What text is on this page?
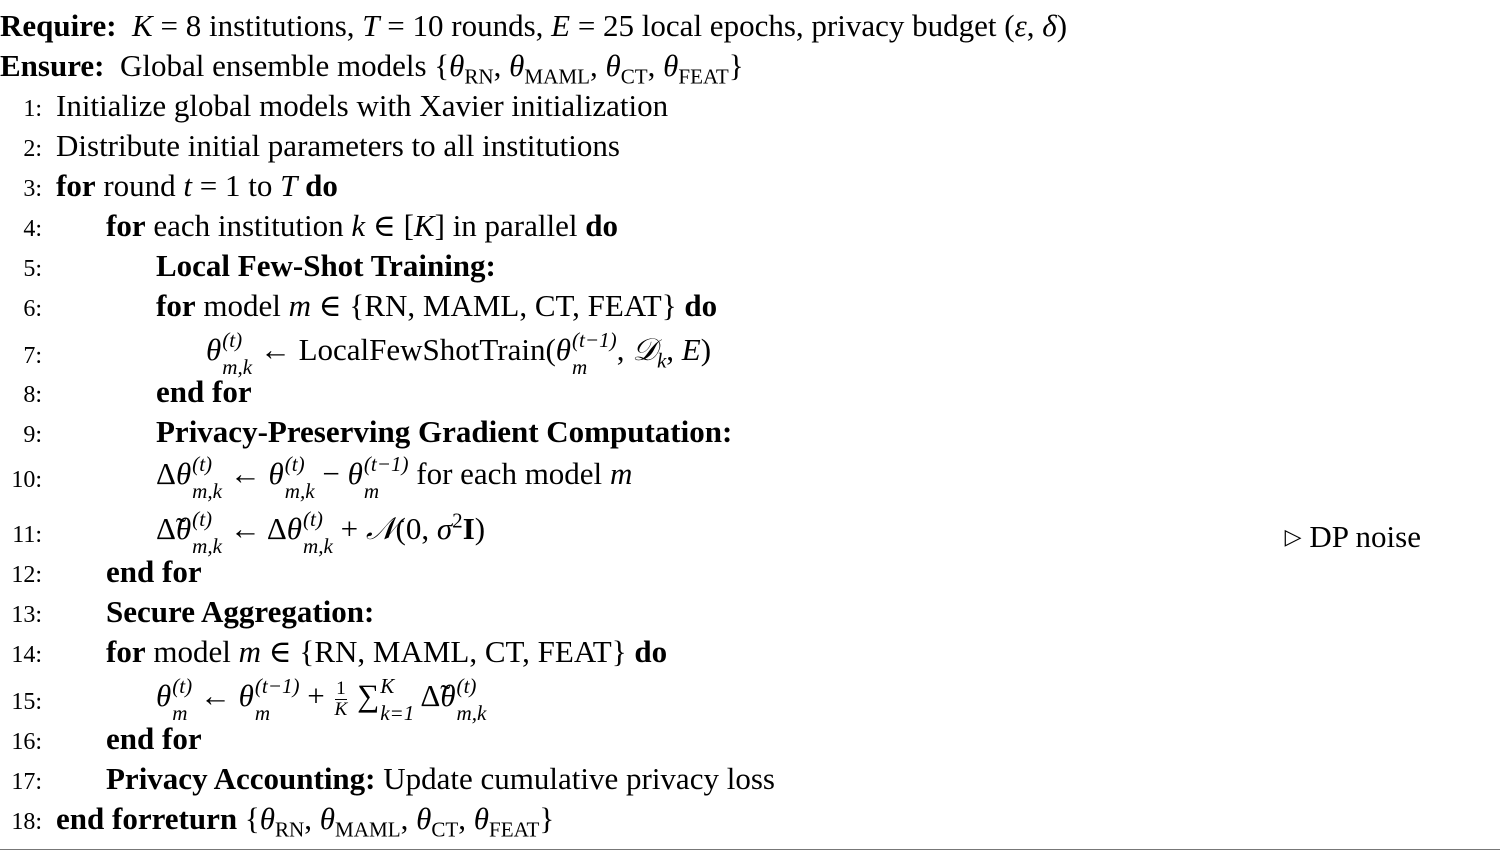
Require: K = 8 institutions, T = 10 rounds, E = 25 local epochs, privacy budget (ε, δ)
Ensure:  Global ensemble models {$\theta_{RN}$, $\theta_{MAML}$, $\theta_{CT}$, $\theta_{FEAT}$}
1: Initialize global models with Xavier initialization
2: Distribute initial parameters to all institutions
3: for round t = 1 to T do
4: for each institution k ∈ [K] in parallel do
5:	Local Few-Shot Training:
6:	for model m ∈ {RN, MAML, CT, FEAT} do
7:	θ (t)
m,k ← LocalFewShotTrain(θ (t−1)
m , 𝒟$_k$, E)
8:	end for
9:	Privacy-Preserving Gradient Computation:
10:	Δθ (t)
m,k ← θ (t)
m,k − θ (t−1)
m	for each model m
11:	Δ̃θ (t)
m,k ← Δθ (t)
m,k + 𝒩(0, $\sigma^2I$)	▷ DP noise
12: end for
13: Secure Aggregation:
14: for model m ∈ {RN, MAML, CT, FEAT} do
15:	θ (t)
m ← θ (t−1)
$m + \frac{1}{K}$ ∑ K
k=1 Δ̃θ (t)
m,k
16: end for
17: Privacy Accounting: Update cumulative privacy loss
18: end forreturn {$\theta_{RN}$, $\theta_{MAML}$, $\theta_{CT}$, $\theta_{FEAT}$}
